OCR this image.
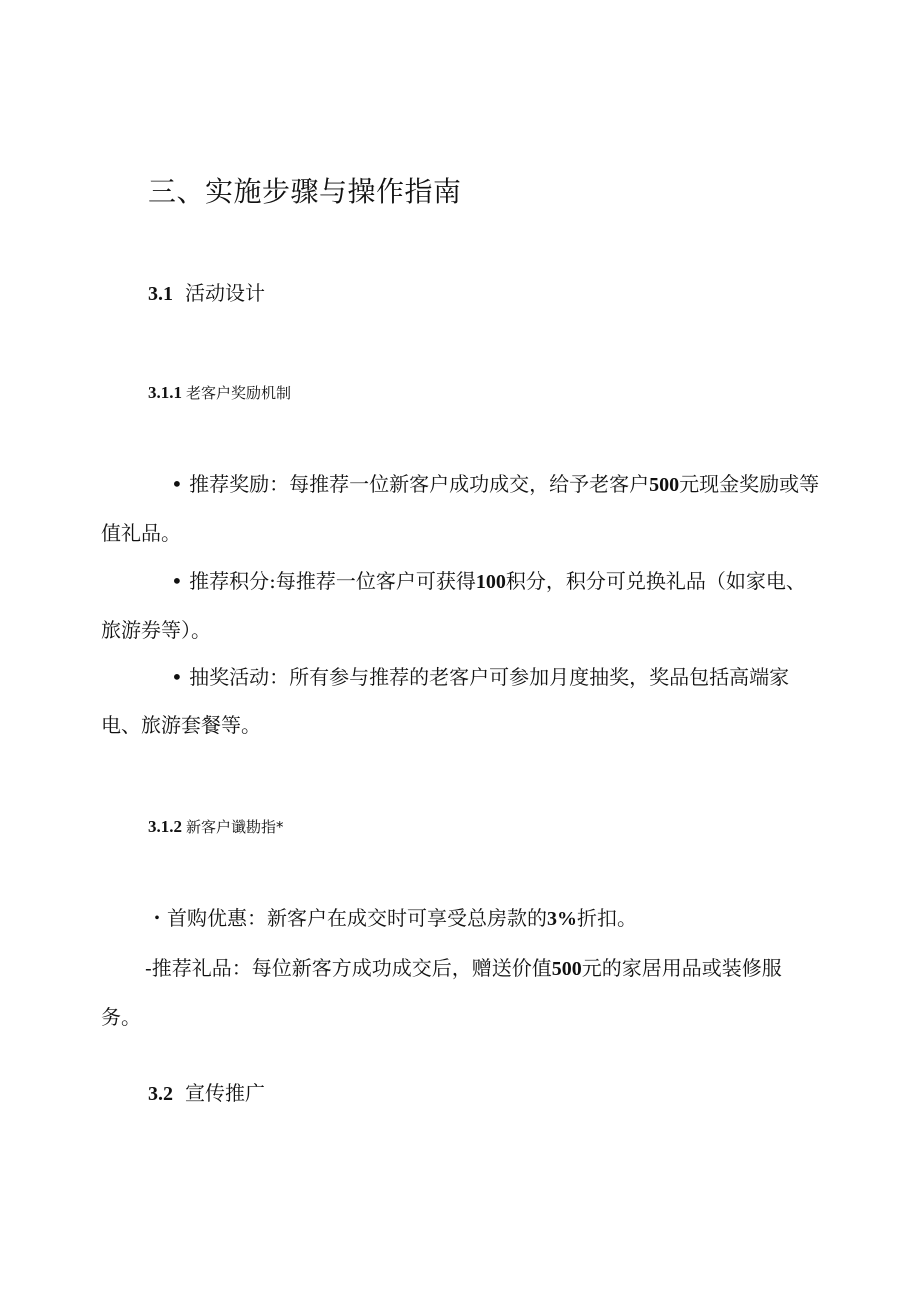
三、实施步骤与操作指南
3.1 活动设计
3.1.1 老客户奖励机制

• 推荐奖励：每推荐一位新客户成功成交，给予老客户500元现金奖励或等值礼品。

• 推荐积分:每推荐一位客户可获得100积分，积分可兑换礼品（如家电、旅游券等）。

• 抽奖活动：所有参与推荐的老客户可参加月度抽奖，奖品包括高端家电、旅游套餐等。

3.1.2 新客户谶勘指*

・首购优惠：新客户在成交时可享受总房款的3%折扣。

-推荐礼品：每位新客方成功成交后，赠送价值500元的家居用品或装修服务。

3.2 宣传推广
